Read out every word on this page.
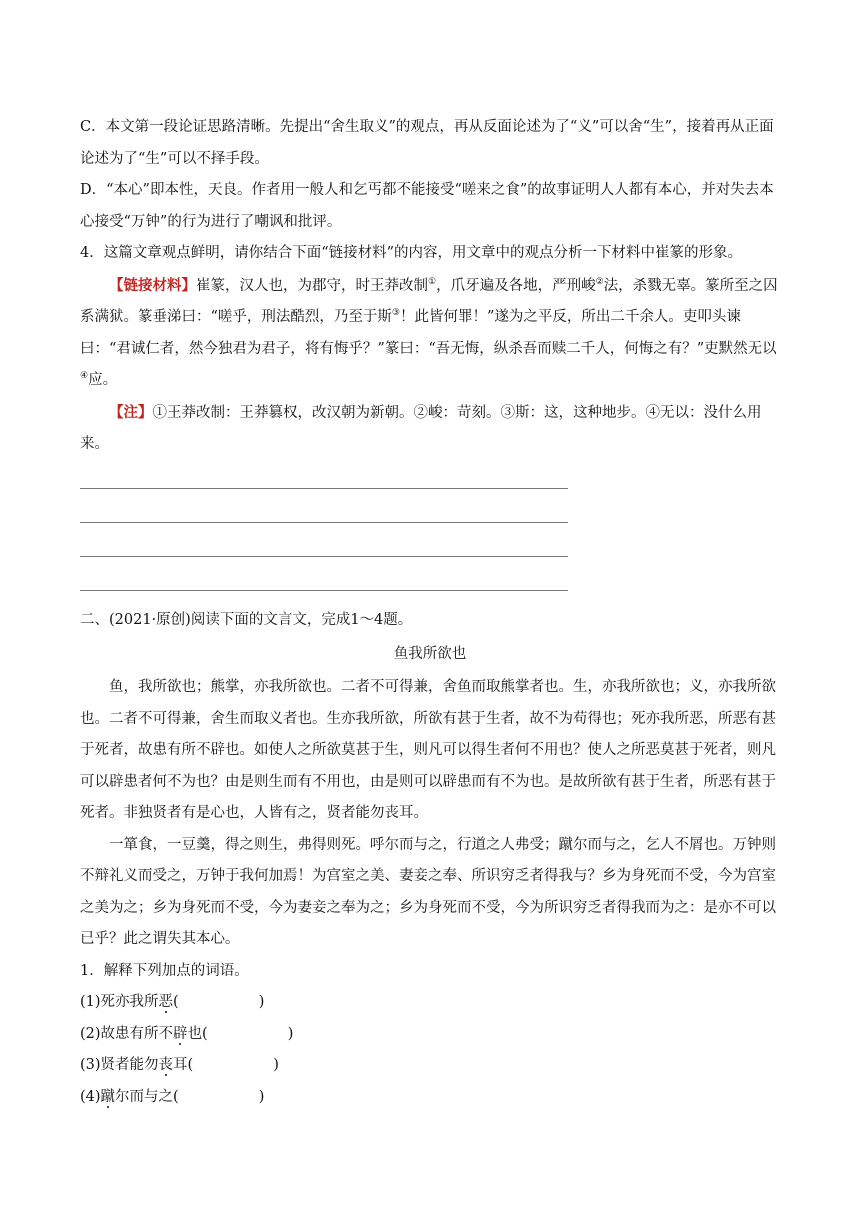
C．本文第一段论证思路清晰。先提出“舍生取义”的观点，再从反面论述为了“义”可以舍“生”，接着再从正面论述为了“生”可以不择手段。

D．“本心”即本性，天良。作者用一般人和乞丐都不能接受“嗟来之食”的故事证明人人都有本心，并对失去本心接受“万钟”的行为进行了嘲讽和批评。

4．这篇文章观点鲜明，请你结合下面“链接材料”的内容，用文章中的观点分析一下材料中崔篆的形象。

【链接材料】崔篆，汉人也，为郡守，时王莽改制①，爪牙遍及各地，严刑峻②法，杀戮无辜。篆所至之囚系满狱。篆垂涕曰：“嗟乎，刑法酷烈，乃至于斯③！此皆何罪！”遂为之平反，所出二千余人。吏叩头谏曰：“君诚仁者，然今独君为君子，将有悔乎？”篆曰：“吾无悔，纵杀吾而赎二千人，何悔之有？”吏默然无以④应。

【注】①王莽改制：王莽篡权，改汉朝为新朝。②峻：苛刻。③斯：这，这种地步。④无以：没什么用来。

二、(2021·原创)阅读下面的文言文，完成1～4题。

鱼我所欲也

鱼，我所欲也；熊掌，亦我所欲也。二者不可得兼，舍鱼而取熊掌者也。生，亦我所欲也；义，亦我所欲也。二者不可得兼，舍生而取义者也。生亦我所欲，所欲有甚于生者，故不为苟得也；死亦我所恶，所恶有甚于死者，故患有所不辟也。如使人之所欲莫甚于生，则凡可以得生者何不用也？使人之所恶莫甚于死者，则凡可以辟患者何不为也？由是则生而有不用也，由是则可以辟患而有不为也。是故所欲有甚于生者，所恶有甚于死者。非独贤者有是心也，人皆有之，贤者能勿丧耳。

一箪食，一豆羹，得之则生，弗得则死。呼尔而与之，行道之人弗受；蹴尔而与之，乞人不屑也。万钟则不辩礼义而受之，万钟于我何加焉！为宫室之美、妻妾之奉、所识穷乏者得我与？乡为身死而不受，今为宫室之美为之；乡为身死而不受，今为妻妾之奉为之；乡为身死而不受，今为所识穷乏者得我而为之：是亦不可以已乎？此之谓失其本心。

1．解释下列加点的词语。

(1)死亦我所恶(	)

(2)故患有所不辟也(	)

(3)贤者能勿丧耳(	)

(4)蹴尔而与之(	)
